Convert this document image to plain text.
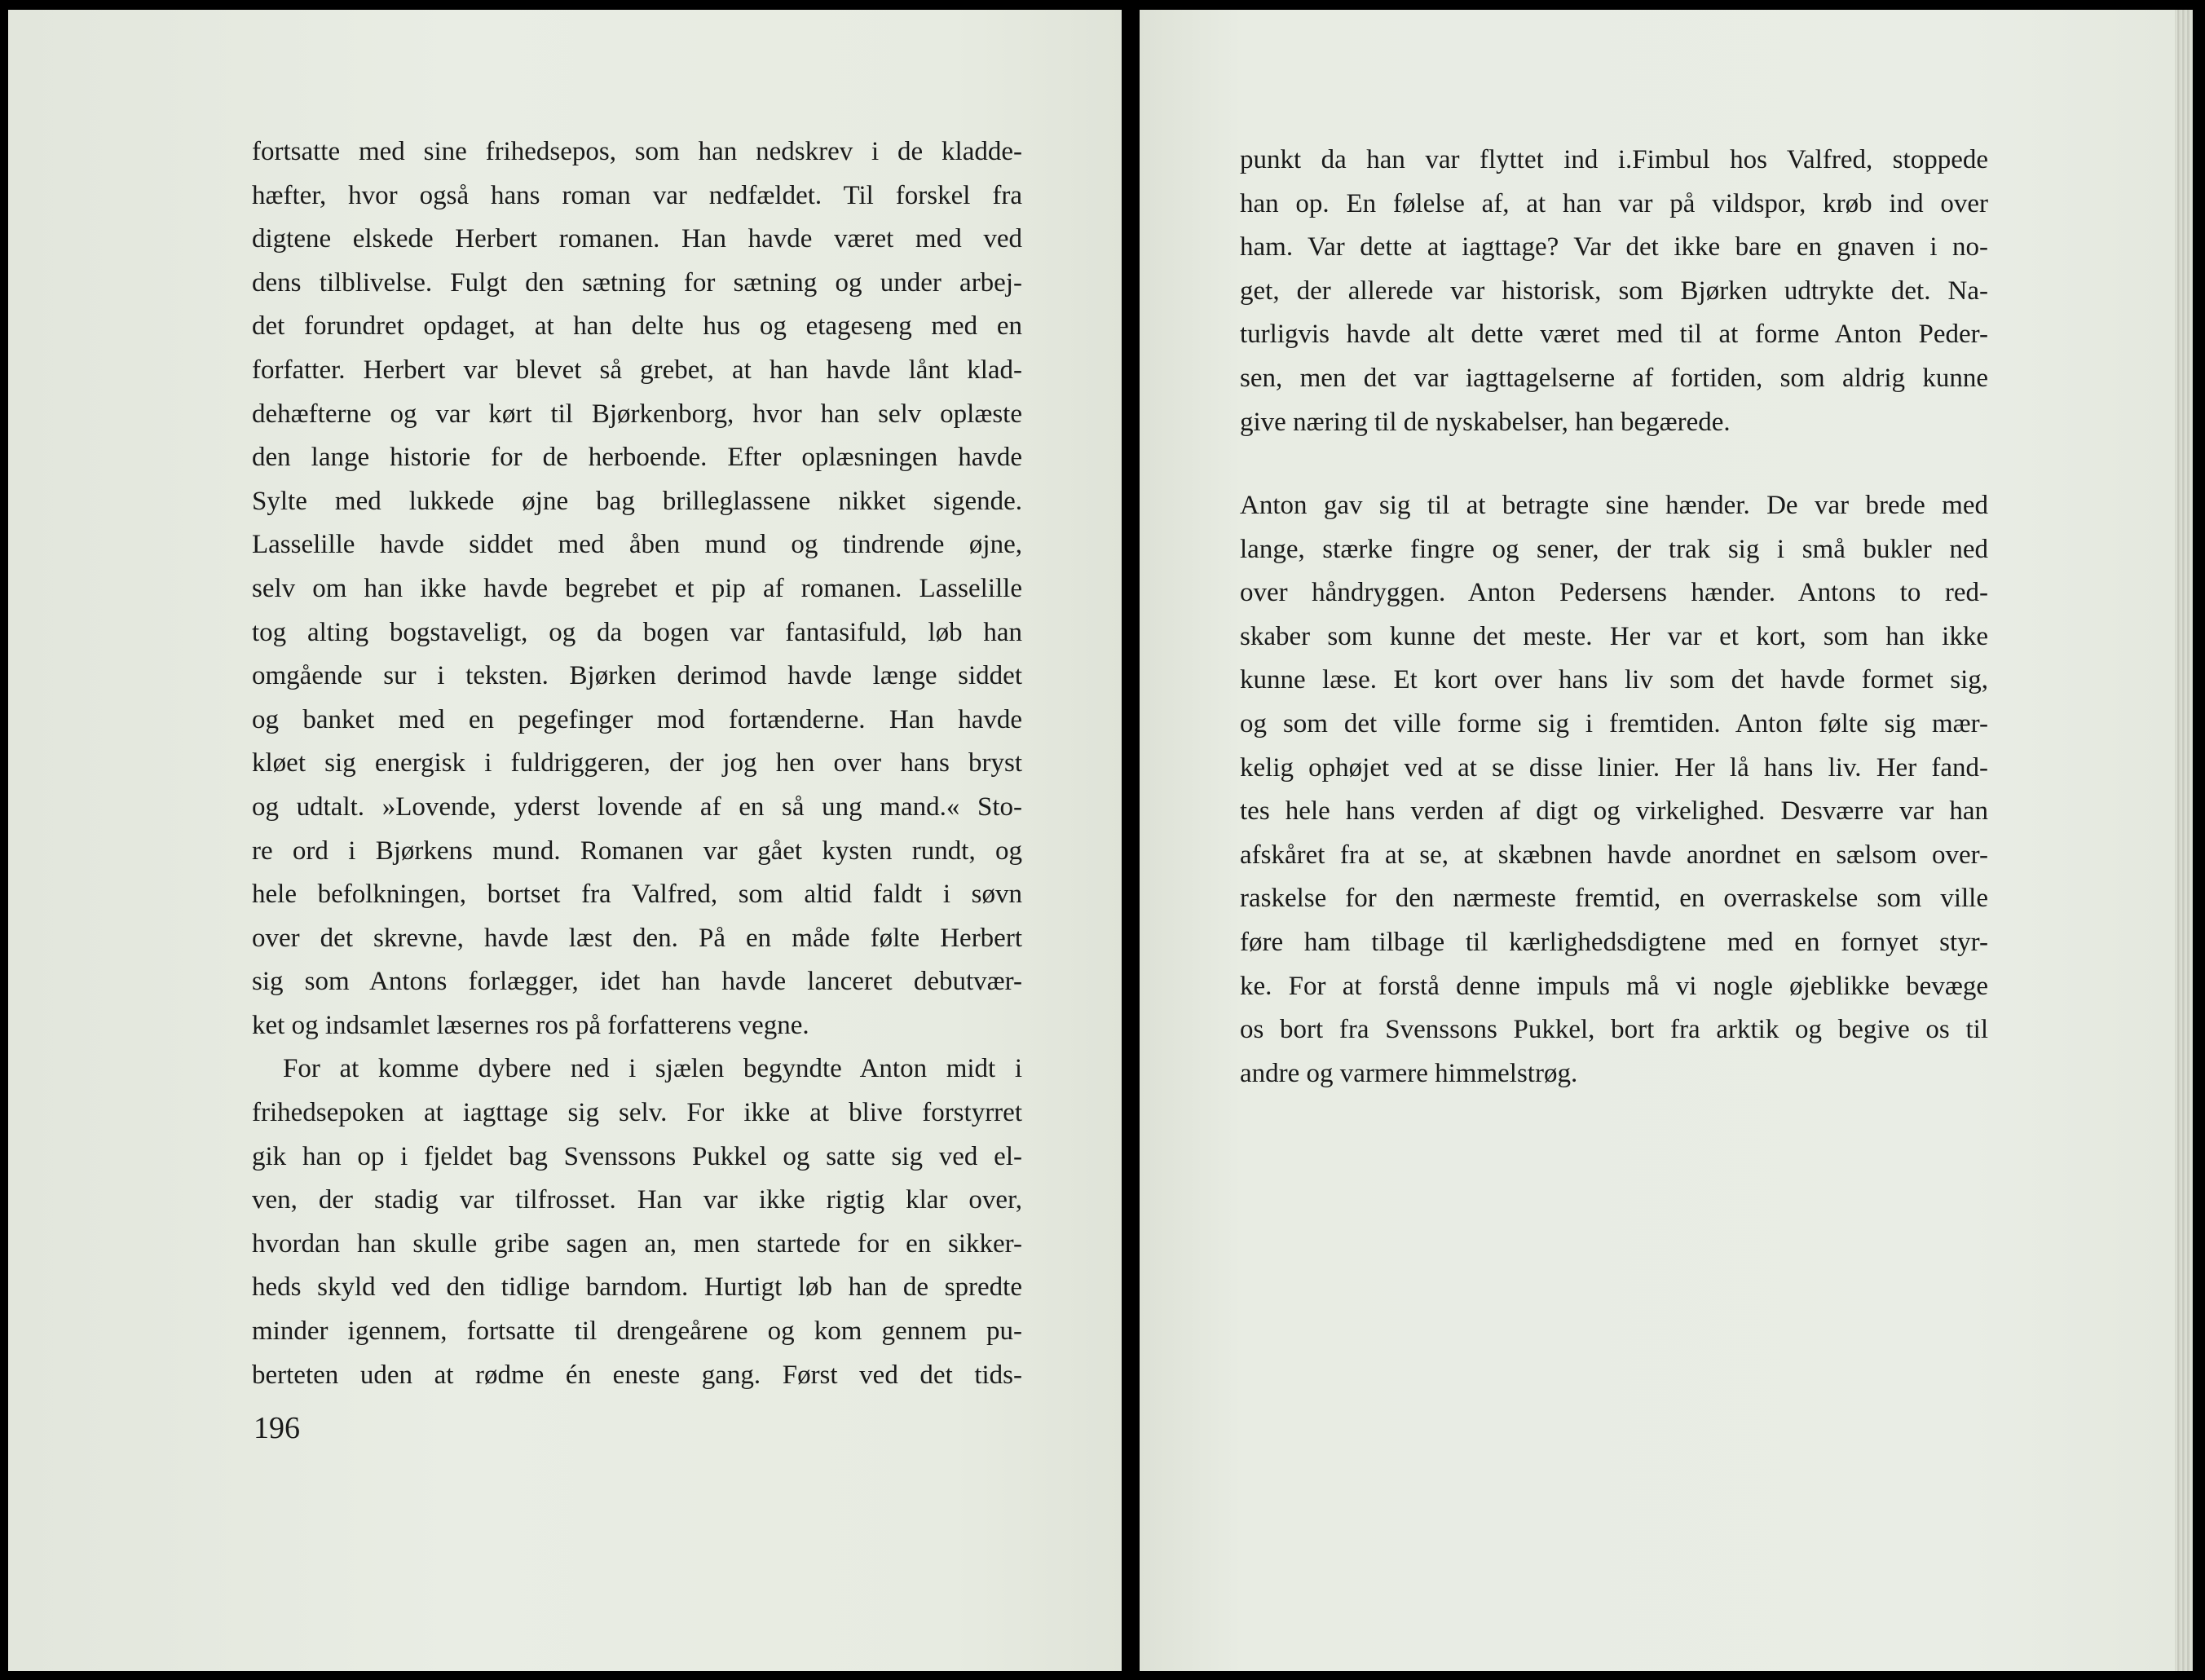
fortsatte med sine frihedsepos, som han nedskrev i de kladde-
hæfter, hvor også hans roman var nedfældet. Til forskel fra
digtene elskede Herbert romanen. Han havde været med ved
dens tilblivelse. Fulgt den sætning for sætning og under arbej-
det forundret opdaget, at han delte hus og etageseng med en
forfatter. Herbert var blevet så grebet, at han havde lånt klad-
dehæfterne og var kørt til Bjørkenborg, hvor han selv oplæste
den lange historie for de herboende. Efter oplæsningen havde
Sylte med lukkede øjne bag brilleglassene nikket sigende.
Lasselille havde siddet med åben mund og tindrende øjne,
selv om han ikke havde begrebet et pip af romanen. Lasselille
tog alting bogstaveligt, og da bogen var fantasifuld, løb han
omgående sur i teksten. Bjørken derimod havde længe siddet
og banket med en pegefinger mod fortænderne. Han havde
kløet sig energisk i fuldriggeren, der jog hen over hans bryst
og udtalt. »Lovende, yderst lovende af en så ung mand.« Sto-
re ord i Bjørkens mund. Romanen var gået kysten rundt, og
hele befolkningen, bortset fra Valfred, som altid faldt i søvn
over det skrevne, havde læst den. På en måde følte Herbert
sig som Antons forlægger, idet han havde lanceret debutvær-
ket og indsamlet læsernes ros på forfatterens vegne.
For at komme dybere ned i sjælen begyndte Anton midt i
frihedsepoken at iagttage sig selv. For ikke at blive forstyrret
gik han op i fjeldet bag Svenssons Pukkel og satte sig ved el-
ven, der stadig var tilfrosset. Han var ikke rigtig klar over,
hvordan han skulle gribe sagen an, men startede for en sikker-
heds skyld ved den tidlige barndom. Hurtigt løb han de spredte
minder igennem, fortsatte til drengeårene og kom gennem pu-
berteten uden at rødme én eneste gang. Først ved det tids-
196
punkt da han var flyttet ind i.Fimbul hos Valfred, stoppede
han op. En følelse af, at han var på vildspor, krøb ind over
ham. Var dette at iagttage? Var det ikke bare en gnaven i no-
get, der allerede var historisk, som Bjørken udtrykte det. Na-
turligvis havde alt dette været med til at forme Anton Peder-
sen, men det var iagttagelserne af fortiden, som aldrig kunne
give næring til de nyskabelser, han begærede.
Anton gav sig til at betragte sine hænder. De var brede med
lange, stærke fingre og sener, der trak sig i små bukler ned
over håndryggen. Anton Pedersens hænder. Antons to red-
skaber som kunne det meste. Her var et kort, som han ikke
kunne læse. Et kort over hans liv som det havde formet sig,
og som det ville forme sig i fremtiden. Anton følte sig mær-
kelig ophøjet ved at se disse linier. Her lå hans liv. Her fand-
tes hele hans verden af digt og virkelighed. Desværre var han
afskåret fra at se, at skæbnen havde anordnet en sælsom over-
raskelse for den nærmeste fremtid, en overraskelse som ville
føre ham tilbage til kærlighedsdigtene med en fornyet styr-
ke. For at forstå denne impuls må vi nogle øjeblikke bevæge
os bort fra Svenssons Pukkel, bort fra arktik og begive os til
andre og varmere himmelstrøg.
